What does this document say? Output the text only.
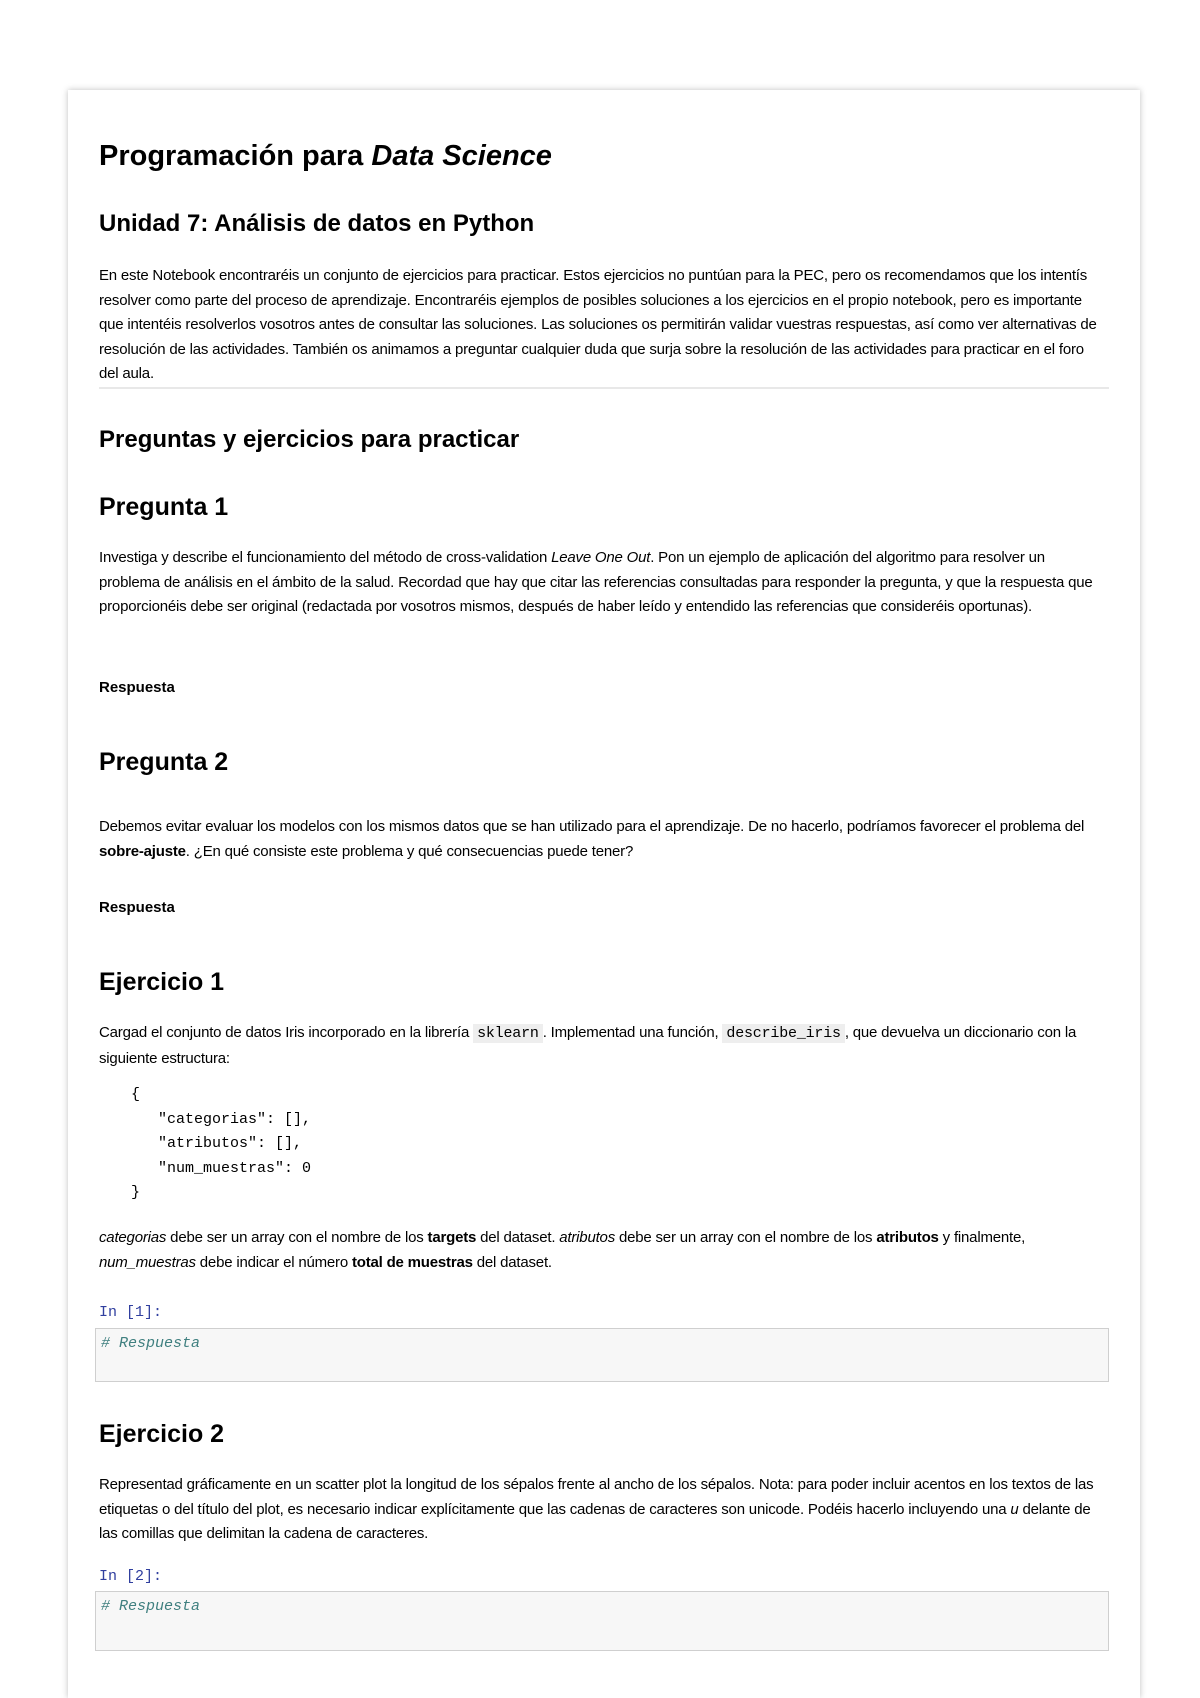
Programación para Data Science
Unidad 7: Análisis de datos en Python

En este Notebook encontraréis un conjunto de ejercicios para practicar. Estos ejercicios no puntúan para la PEC, pero os recomendamos que los intentís resolver como parte del proceso de aprendizaje. Encontraréis ejemplos de posibles soluciones a los ejercicios en el propio notebook, pero es importante que intentéis resolverlos vosotros antes de consultar las soluciones. Las soluciones os permitirán validar vuestras respuestas, así como ver alternativas de resolución de las actividades. También os animamos a preguntar cualquier duda que surja sobre la resolución de las actividades para practicar en el foro del aula.

Preguntas y ejercicios para practicar
Pregunta 1

Investiga y describe el funcionamiento del método de cross-validation Leave One Out. Pon un ejemplo de aplicación del algoritmo para resolver un problema de análisis en el ámbito de la salud. Recordad que hay que citar las referencias consultadas para responder la pregunta, y que la respuesta que proporcionéis debe ser original (redactada por vosotros mismos, después de haber leído y entendido las referencias que consideréis oportunas).

Respuesta
Pregunta 2

Debemos evitar evaluar los modelos con los mismos datos que se han utilizado para el aprendizaje. De no hacerlo, podríamos favorecer el problema del sobre-ajuste. ¿En qué consiste este problema y qué consecuencias puede tener?

Respuesta
Ejercicio 1

Cargad el conjunto de datos Iris incorporado en la librería sklearn . Implementad una función, describe_iris , que devuelva un diccionario con la siguiente estructura:

{
"categorias": [],
"atributos": [],
"num_muestras": 0
}

categorias debe ser un array con el nombre de los targets del dataset. atributos debe ser un array con el nombre de los atributos y finalmente, num_muestras debe indicar el número total de muestras del dataset.

In [1]:
# Respuesta
Ejercicio 2

Representad gráficamente en un scatter plot la longitud de los sépalos frente al ancho de los sépalos. Nota: para poder incluir acentos en los textos de las etiquetas o del título del plot, es necesario indicar explícitamente que las cadenas de caracteres son unicode. Podéis hacerlo incluyendo una u delante de las comillas que delimitan la cadena de caracteres.

In [2]:
# Respuesta
